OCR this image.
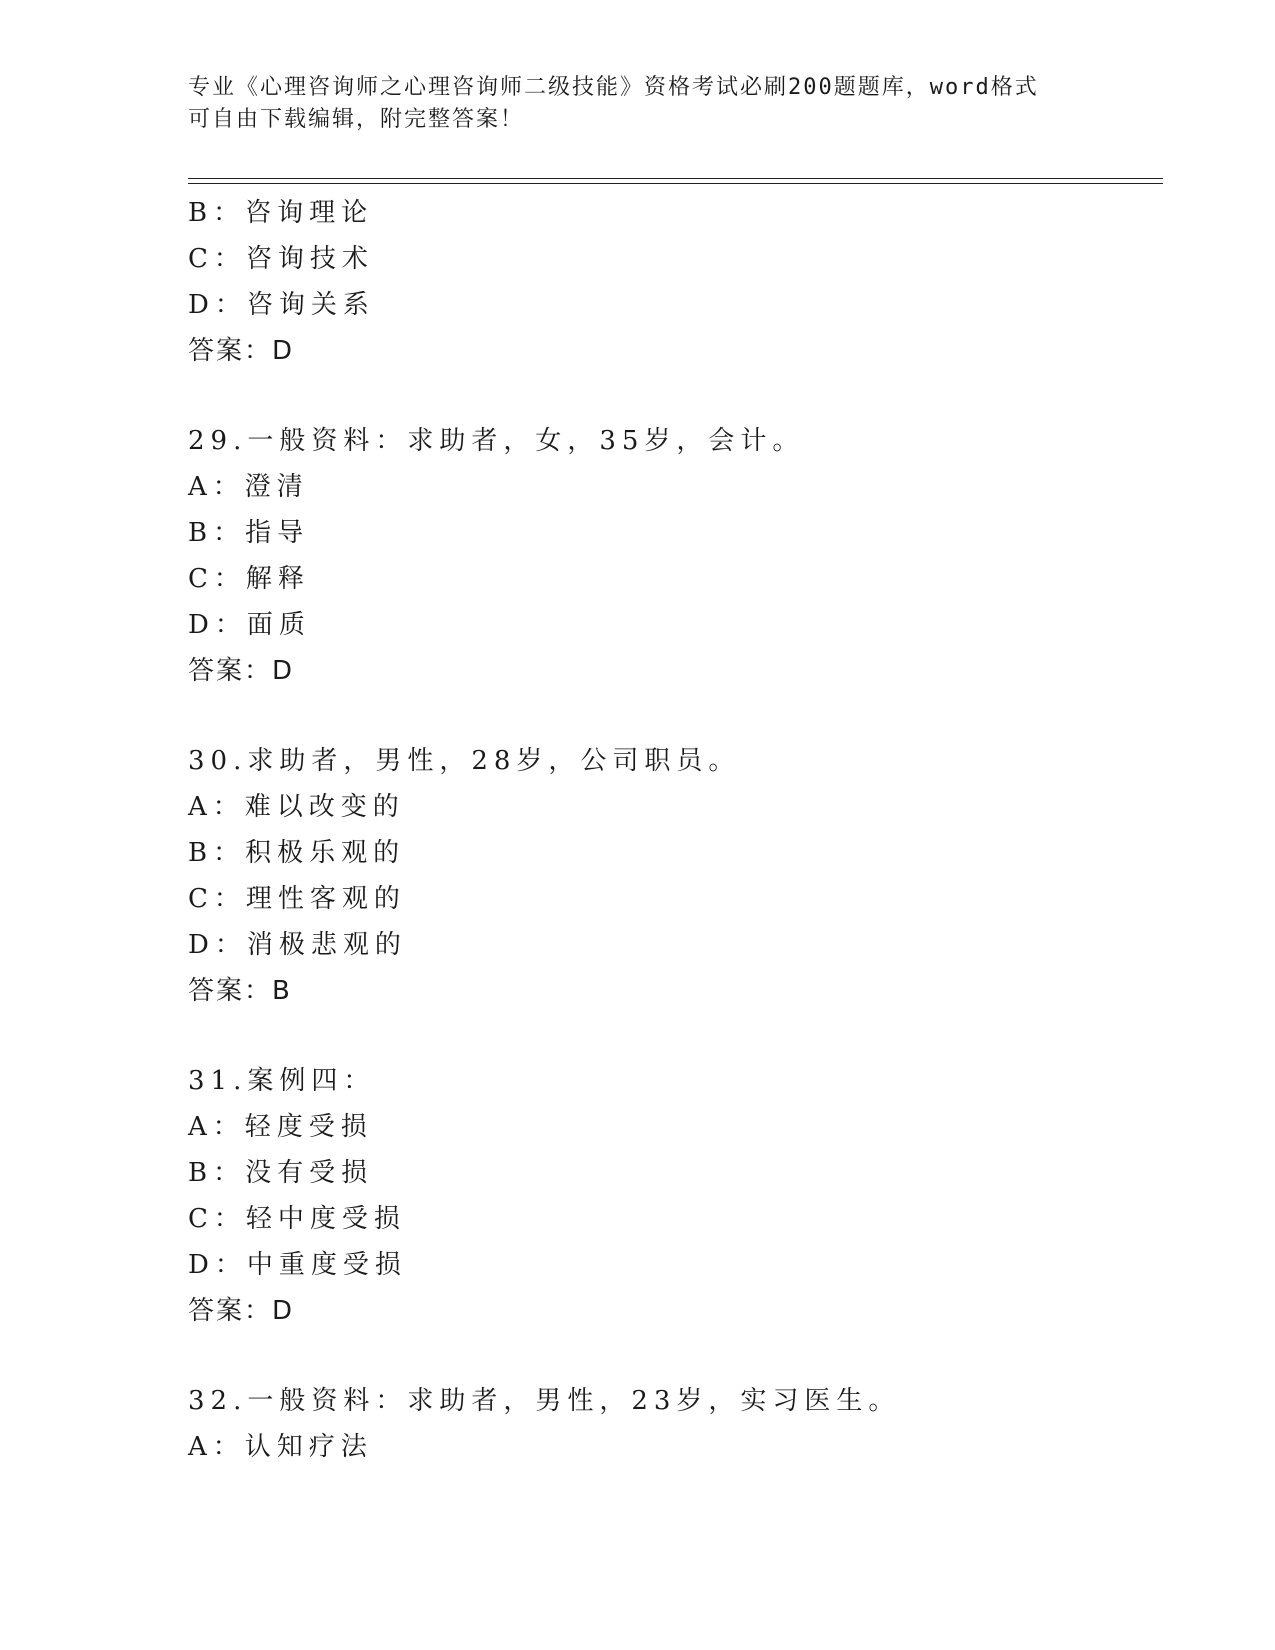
专业《心理咨询师之心理咨询师二级技能》资格考试必刷200题题库，word格式
可自由下载编辑，附完整答案！
B：咨询理论
C：咨询技术
D：咨询关系
答案：D
29.一般资料：求助者，女，35岁，会计。
A：澄清
B：指导
C：解释
D：面质
答案：D
30.求助者，男性，28岁，公司职员。
A：难以改变的
B：积极乐观的
C：理性客观的
D：消极悲观的
答案：B
31.案例四：
A：轻度受损
B：没有受损
C：轻中度受损
D：中重度受损
答案：D
32.一般资料：求助者，男性，23岁，实习医生。
A：认知疗法
